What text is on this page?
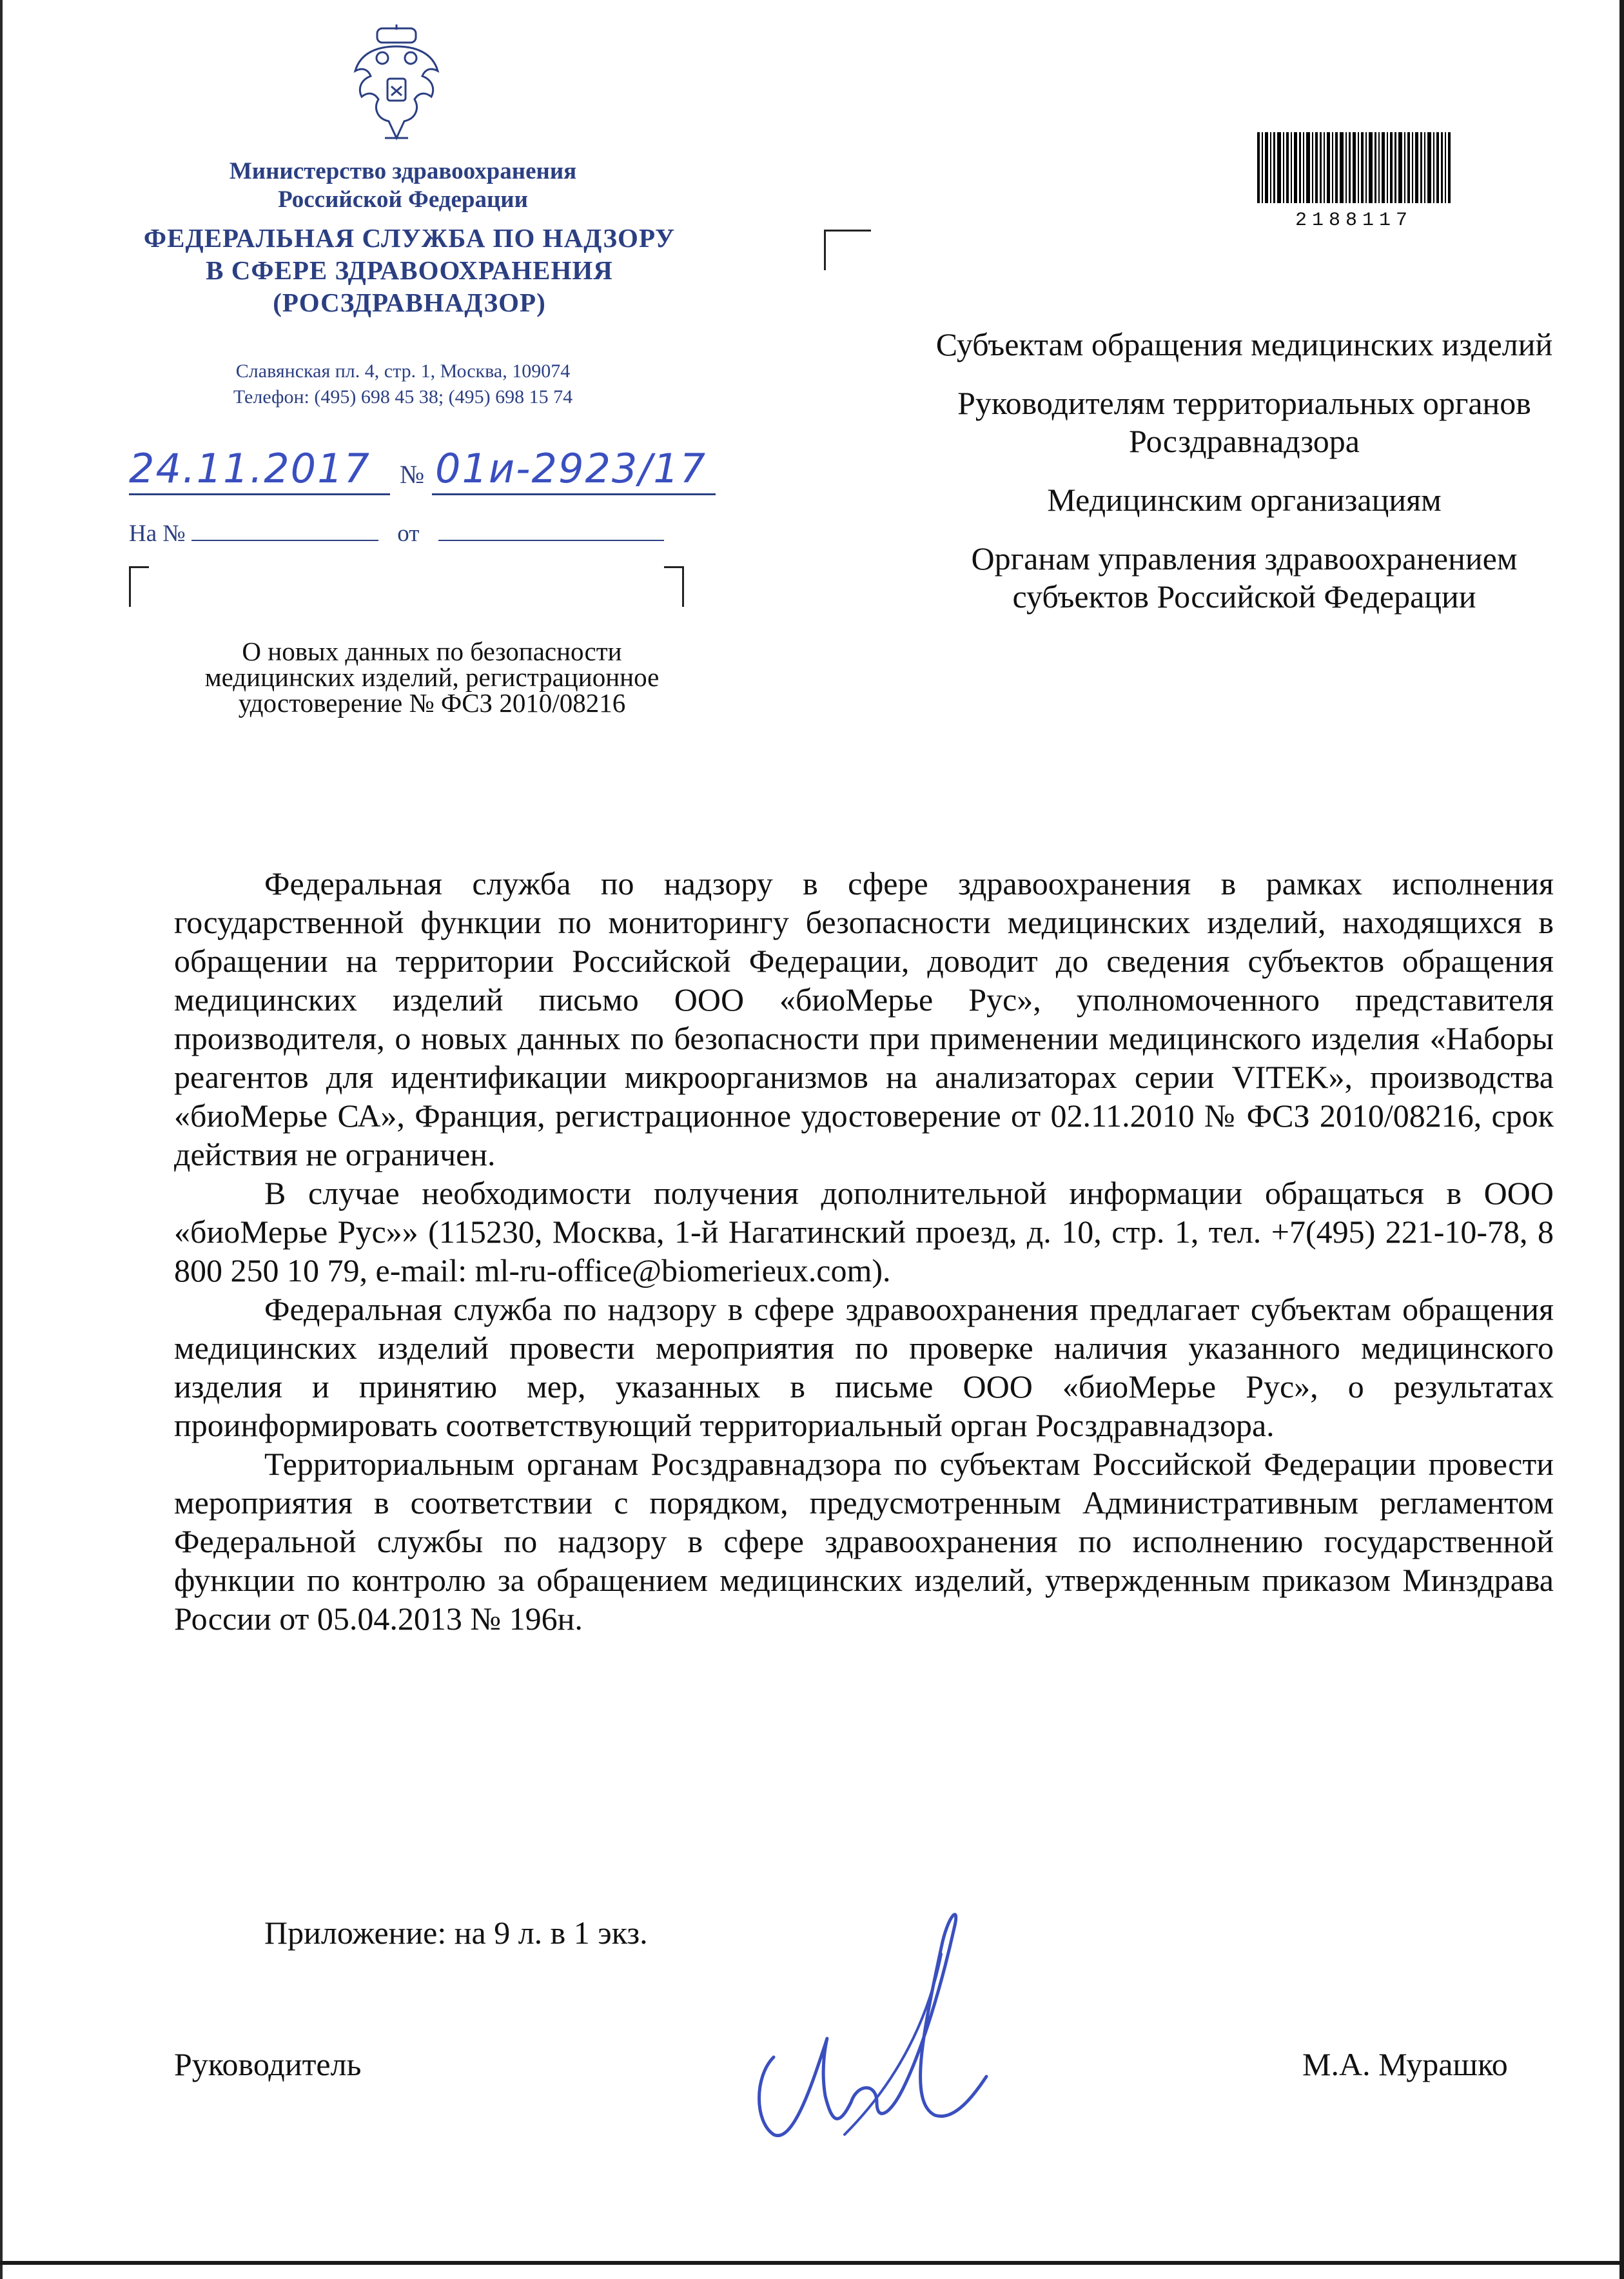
Министерство здравоохранения Российской Федерации
ФЕДЕРАЛЬНАЯ СЛУЖБА ПО НАДЗОРУ
В СФЕРЕ ЗДРАВООХРАНЕНИЯ
(РОСЗДРАВНАДЗОР)
Славянская пл. 4, стр. 1, Москва, 109074
Телефон: (495) 698 45 38; (495) 698 15 74
24.11.2017 № 01и-2923/17
На №	от
О новых данных по безопасности медицинских изделий, регистрационное удостоверение № ФСЗ 2010/08216
2188117

Субъектам обращения медицинских изделий

Руководителям территориальных органов Росздравнадзора

Медицинским организациям

Органам управления здравоохранением субъектов Российской Федерации

Федеральная служба по надзору в сфере здравоохранения в рамках исполнения государственной функции по мониторингу безопасности медицинских изделий, находящихся в обращении на территории Российской Федерации, доводит до сведения субъектов обращения медицинских изделий письмо ООО «биоМерье Рус», уполномоченного представителя производителя, о новых данных по безопасности при применении медицинского изделия «Наборы реагентов для идентификации микроорганизмов на анализаторах серии VITEK», производства «биоМерье СА», Франция, регистрационное удостоверение от 02.11.2010 № ФСЗ 2010/08216, срок действия не ограничен.

В случае необходимости получения дополнительной информации обращаться в ООО «биоМерье Рус»» (115230, Москва, 1-й Нагатинский проезд, д. 10, стр. 1, тел. +7(495) 221-10-78, 8 800 250 10 79, e-mail: ml-ru-office@biomerieux.com).

Федеральная служба по надзору в сфере здравоохранения предлагает субъектам обращения медицинских изделий провести мероприятия по проверке наличия указанного медицинского изделия и принятию мер, указанных в письме ООО «биоМерье Рус», о результатах проинформировать соответствующий территориальный орган Росздравнадзора.

Территориальным органам Росздравнадзора по субъектам Российской Федерации провести мероприятия в соответствии с порядком, предусмотренным Административным регламентом Федеральной службы по надзору в сфере здравоохранения по исполнению государственной функции по контролю за обращением медицинских изделий, утвержденным приказом Минздрава России от 05.04.2013 № 196н.

Приложение: на 9 л. в 1 экз.
Руководитель	М.А. Мурашко
